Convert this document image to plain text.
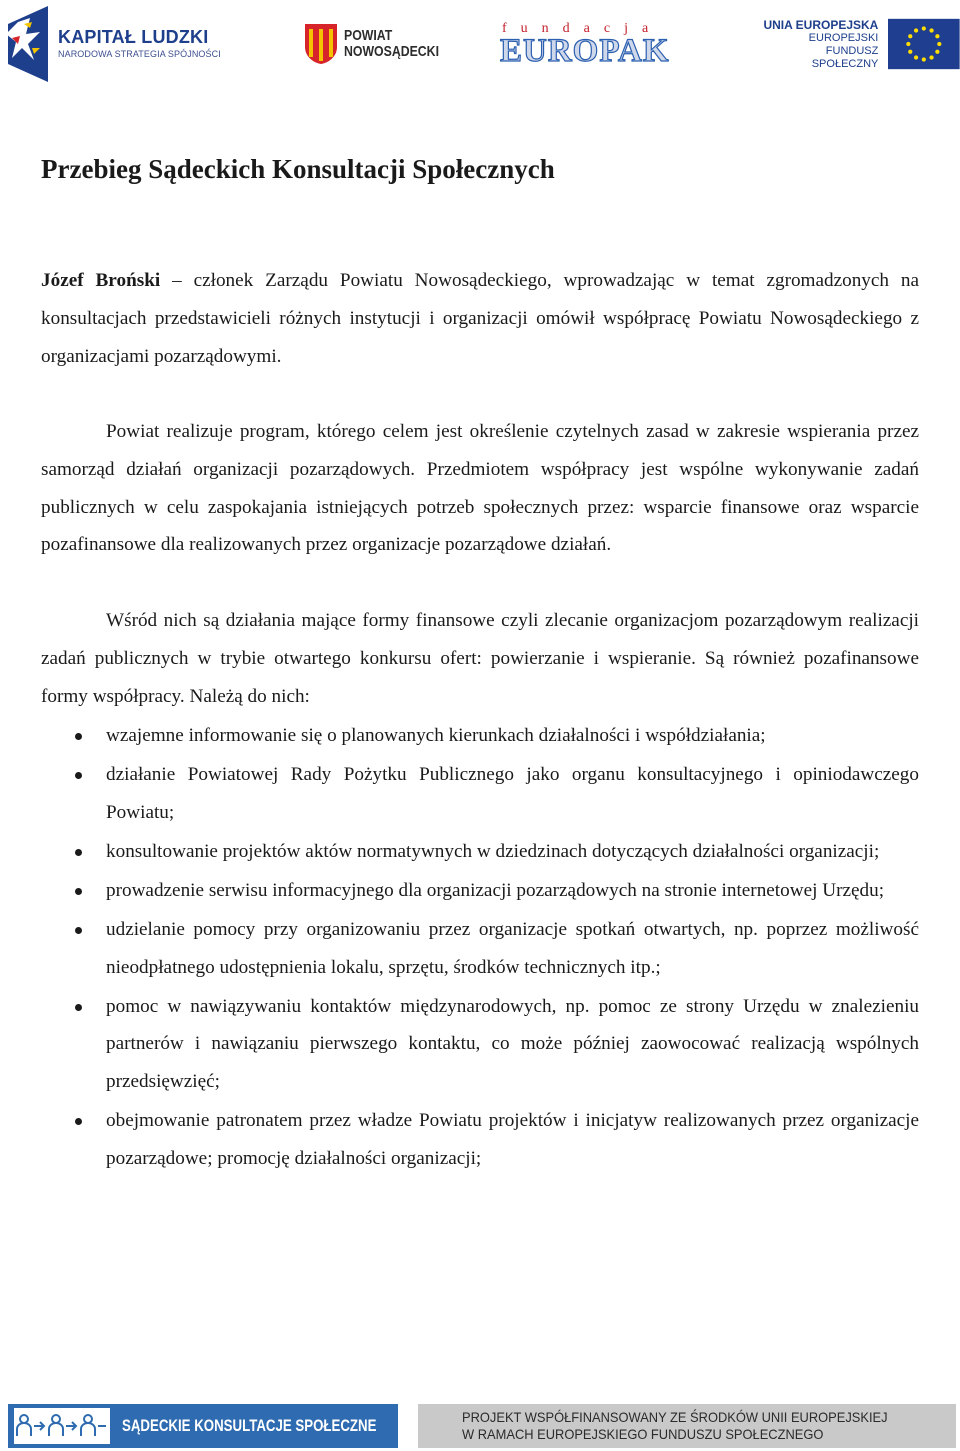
KAPITAŁ LUDZKI
NARODOWA STRATEGIA SPÓJNOŚCI
POWIAT
NOWOSĄDECKI
fundacja
EUROPAK
UNIA EUROPEJSKA
EUROPEJSKI
FUNDUSZ SPOŁECZNY
Przebieg Sądeckich Konsultacji Społecznych

Józef Broński – członek Zarządu Powiatu Nowosądeckiego, wprowadzając w temat zgromadzonych na konsultacjach przedstawicieli różnych instytucji i organizacji omówił współpracę Powiatu Nowosądeckiego z organizacjami pozarządowymi.

Powiat realizuje program, którego celem jest określenie czytelnych zasad w zakresie wspierania przez samorząd działań organizacji pozarządowych. Przedmiotem współpracy jest wspólne wykonywanie zadań publicznych w celu zaspokajania istniejących potrzeb społecznych przez: wsparcie finansowe oraz wsparcie pozafinansowe dla realizowanych przez organizacje pozarządowe działań.

Wśród nich są działania mające formy finansowe czyli zlecanie organizacjom pozarządowym realizacji zadań publicznych w trybie otwartego konkursu ofert: powierzanie i wspieranie. Są również pozafinansowe formy współpracy. Należą do nich:

wzajemne informowanie się o planowanych kierunkach działalności i współdziałania;
działanie Powiatowej Rady Pożytku Publicznego jako organu konsultacyjnego i opiniodawczego Powiatu;
konsultowanie projektów aktów normatywnych w dziedzinach dotyczących działalności organizacji;
prowadzenie serwisu informacyjnego dla organizacji pozarządowych na stronie internetowej Urzędu;
udzielanie pomocy przy organizowaniu przez organizacje spotkań otwartych, np. poprzez możliwość nieodpłatnego udostępnienia lokalu, sprzętu, środków technicznych itp.;
pomoc w nawiązywaniu kontaktów międzynarodowych, np. pomoc ze strony Urzędu w znalezieniu partnerów i nawiązaniu pierwszego kontaktu, co może później zaowocować realizacją wspólnych przedsięwzięć;
obejmowanie patronatem przez władze Powiatu projektów i inicjatyw realizowanych przez organizacje pozarządowe; promocję działalności organizacji;
SĄDECKIE KONSULTACJE SPOŁECZNE	PROJEKT WSPÓŁFINANSOWANY ZE ŚRODKÓW UNII EUROPEJSKIEJ
W RAMACH EUROPEJSKIEGO FUNDUSZU SPOŁECZNEGO
